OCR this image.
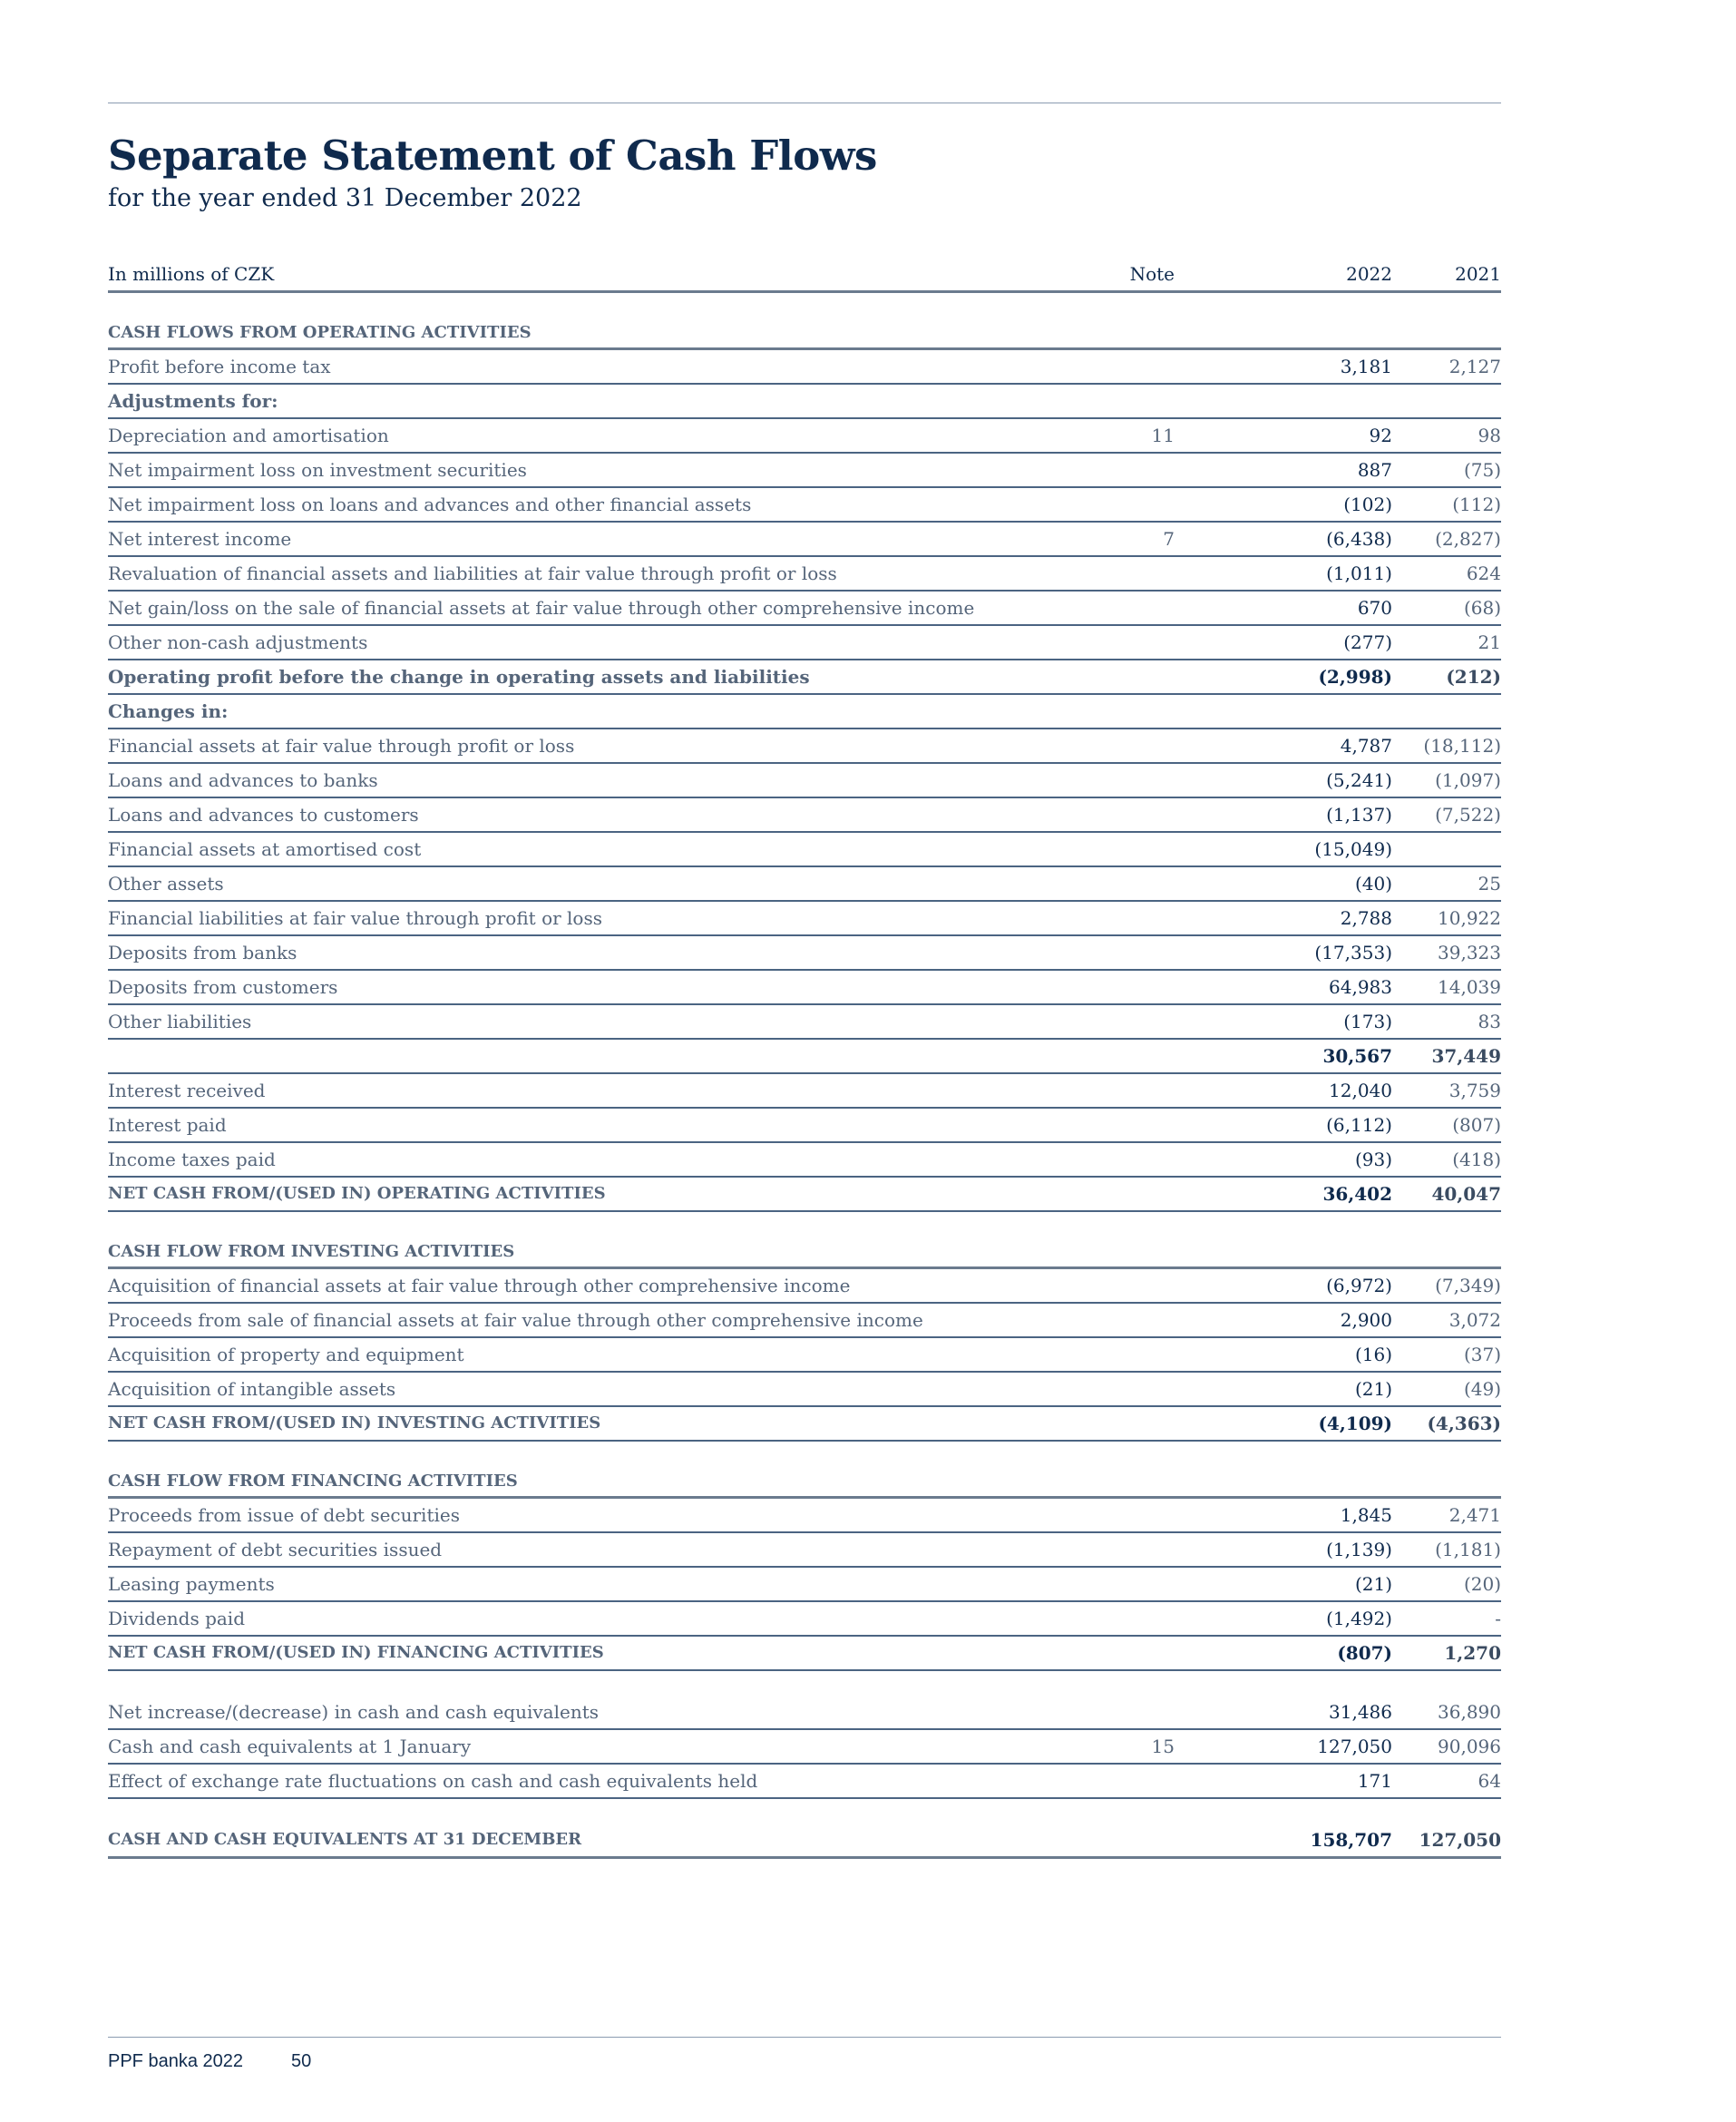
Separate Statement of Cash Flows
for the year ended 31 December 2022
In millions of CZK	Note	2022	2021
CASH FLOWS FROM OPERATING ACTIVITIES
Profit before income tax	3,181	2,127
Adjustments for:
Depreciation and amortisation	11	92	98
Net impairment loss on investment securities	887	(75)
Net impairment loss on loans and advances and other financial assets	(102)	(112)
Net interest income	7	(6,438)	(2,827)
Revaluation of financial assets and liabilities at fair value through profit or loss	(1,011)	624
Net gain/loss on the sale of financial assets at fair value through other comprehensive income	670	(68)
Other non-cash adjustments	(277)	21
Operating profit before the change in operating assets and liabilities	(2,998)	(212)
Changes in:
Financial assets at fair value through profit or loss	4,787	(18,112)
Loans and advances to banks	(5,241)	(1,097)
Loans and advances to customers	(1,137)	(7,522)
Financial assets at amortised cost	(15,049)
Other assets	(40)	25
Financial liabilities at fair value through profit or loss	2,788	10,922
Deposits from banks	(17,353)	39,323
Deposits from customers	64,983	14,039
Other liabilities	(173)	83
30,567	37,449
Interest received	12,040	3,759
Interest paid	(6,112)	(807)
Income taxes paid	(93)	(418)
NET CASH FROM/(USED IN) OPERATING ACTIVITIES	36,402	40,047
CASH FLOW FROM INVESTING ACTIVITIES
Acquisition of financial assets at fair value through other comprehensive income	(6,972)	(7,349)
Proceeds from sale of financial assets at fair value through other comprehensive income	2,900	3,072
Acquisition of property and equipment	(16)	(37)
Acquisition of intangible assets	(21)	(49)
NET CASH FROM/(USED IN) INVESTING ACTIVITIES	(4,109)	(4,363)
CASH FLOW FROM FINANCING ACTIVITIES
Proceeds from issue of debt securities	1,845	2,471
Repayment of debt securities issued	(1,139)	(1,181)
Leasing payments	(21)	(20)
Dividends paid	(1,492)	-
NET CASH FROM/(USED IN) FINANCING ACTIVITIES	(807)	1,270
Net increase/(decrease) in cash and cash equivalents	31,486	36,890
Cash and cash equivalents at 1 January	15	127,050	90,096
Effect of exchange rate fluctuations on cash and cash equivalents held	171	64
CASH AND CASH EQUIVALENTS AT 31 DECEMBER	158,707	127,050
PPF banka 2022	50
